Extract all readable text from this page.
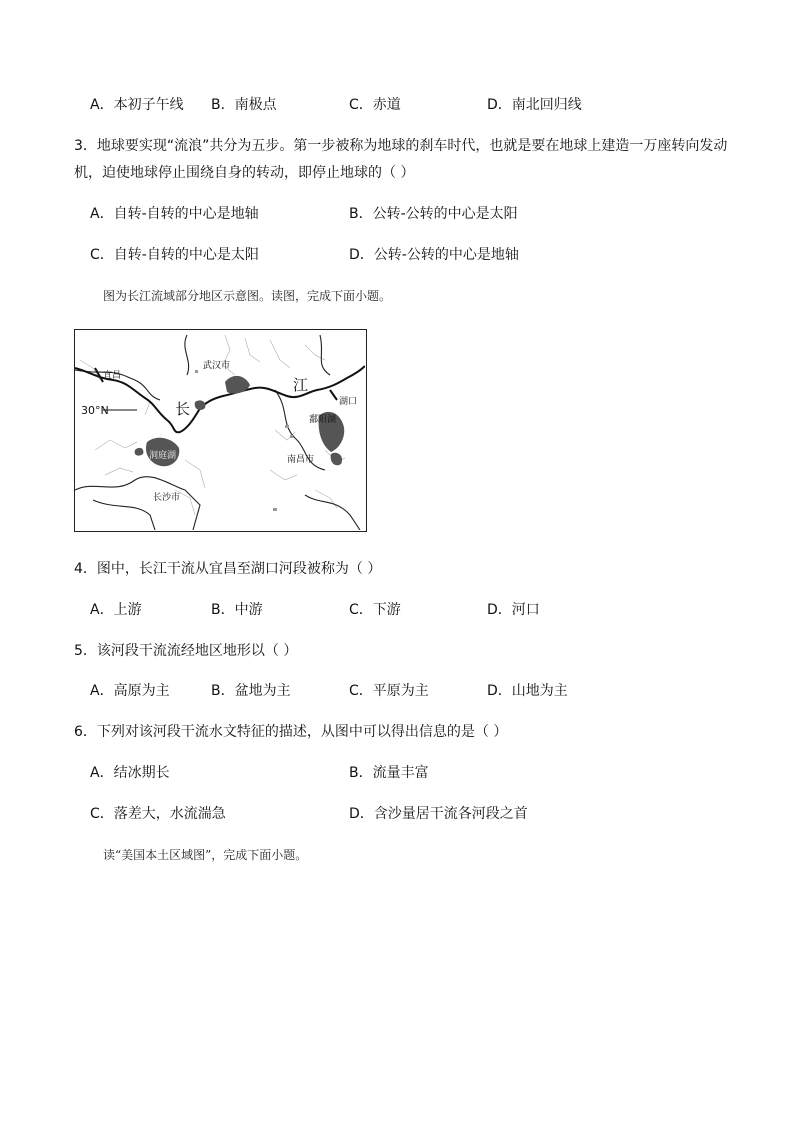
A．本初子午线 B．南极点	C．赤道	D．南北回归线
3．地球要实现“流浪”共分为五步。第一步被称为地球的刹车时代，也就是要在地球上建造一万座转向发动
机，迫使地球停止围绕自身的转动，即停止地球的（ ）
A．自转-自转的中心是地轴	B．公转-公转的中心是太阳
C．自转-自转的中心是太阳	D．公转-公转的中心是地轴
图为长江流域部分地区示意图。读图，完成下面小题。
宜昌
武汉市
湖口
鄱阳湖
南昌市
长沙市
洞庭湖
30°N	长
江
4．图中，长江干流从宜昌至湖口河段被称为（ ）
A．上游	B．中游	C．下游	D．河口
5．该河段干流流经地区地形以（ ）
A．高原为主	B．盆地为主	C．平原为主	D．山地为主
6．下列对该河段干流水文特征的描述，从图中可以得出信息的是（ ）
A．结冰期长	B．流量丰富
C．落差大，水流湍急	D．含沙量居干流各河段之首
读“美国本土区域图”，完成下面小题。
